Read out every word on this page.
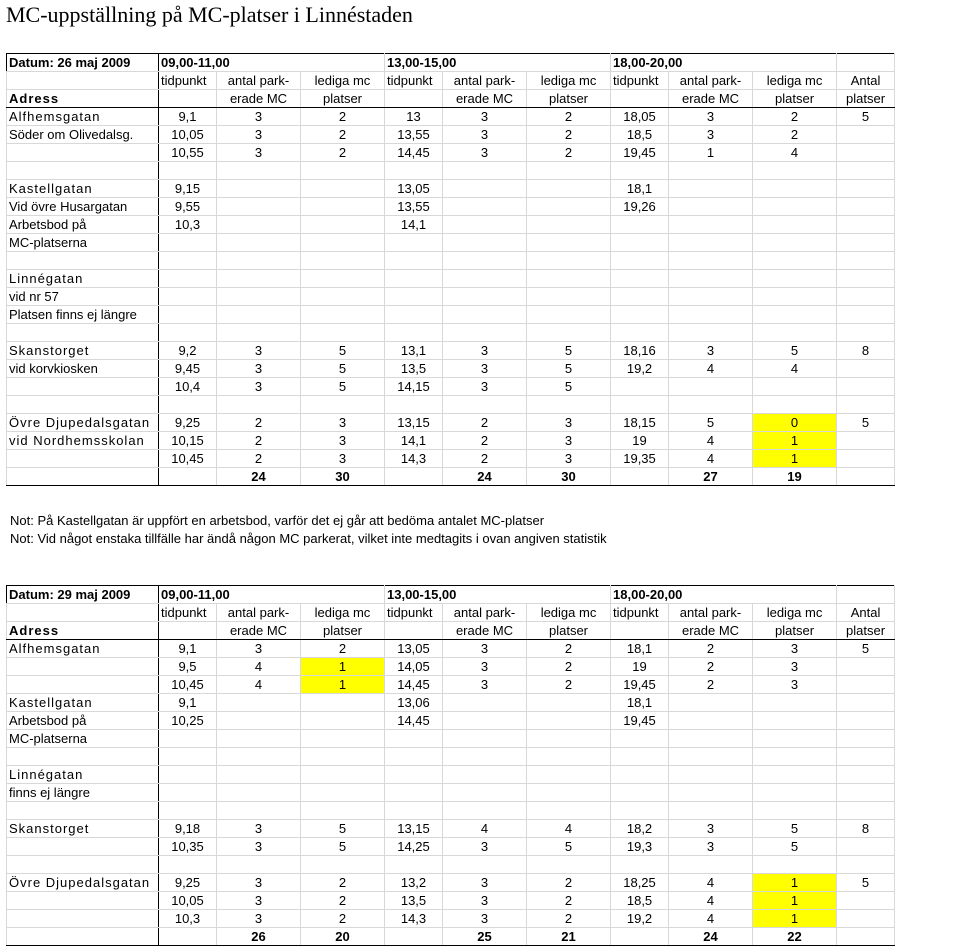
MC-uppställning på MC-platser i Linnéstaden
Datum: 26 maj 2009	09,00-11,00			13,00-15,00			18,00-20,00			
	tidpunkt	antal park-	lediga mc	tidpunkt	antal park-	lediga mc	tidpunkt	antal park-	lediga mc	Antal
Adress		erade MC	platser		erade MC	platser		erade MC	platser	platser
Alfhemsgatan	9,1	3	2	13	3	2	18,05	3	2	5
Söder om Olivedalsg.	10,05	3	2	13,55	3	2	18,5	3	2	
	10,55	3	2	14,45	3	2	19,45	1	4	

Kastellgatan	9,15			13,05			18,1			
Vid övre Husargatan	9,55			13,55			19,26			
Arbetsbod på	10,3			14,1						
MC-platserna										

Linnégatan										
vid nr 57										
Platsen finns ej längre										

Skanstorget	9,2	3	5	13,1	3	5	18,16	3	5	8
vid korvkiosken	9,45	3	5	13,5	3	5	19,2	4	4	
	10,4	3	5	14,15	3	5				

Övre Djupedalsgatan	9,25	2	3	13,15	2	3	18,15	5	0	5
vid Nordhemsskolan	10,15	2	3	14,1	2	3	19	4	1	
	10,45	2	3	14,3	2	3	19,35	4	1	
		24	30		24	30		27	19	
Not: På Kastellgatan är uppfört en arbetsbod, varför det ej går att bedöma antalet MC-platser
Not: Vid något enstaka tillfälle har ändå någon MC parkerat, vilket inte medtagits i ovan angiven statistik
Datum: 29 maj 2009	09,00-11,00			13,00-15,00			18,00-20,00			
	tidpunkt	antal park-	lediga mc	tidpunkt	antal park-	lediga mc	tidpunkt	antal park-	lediga mc	Antal
Adress		erade MC	platser		erade MC	platser		erade MC	platser	platser
Alfhemsgatan	9,1	3	2	13,05	3	2	18,1	2	3	5
	9,5	4	1	14,05	3	2	19	2	3	
	10,45	4	1	14,45	3	2	19,45	2	3	
Kastellgatan	9,1			13,06			18,1			
Arbetsbod på	10,25			14,45			19,45			
MC-platserna										

Linnégatan										
finns ej längre										

Skanstorget	9,18	3	5	13,15	4	4	18,2	3	5	8
	10,35	3	5	14,25	3	5	19,3	3	5	

Övre Djupedalsgatan	9,25	3	2	13,2	3	2	18,25	4	1	5
	10,05	3	2	13,5	3	2	18,5	4	1	
	10,3	3	2	14,3	3	2	19,2	4	1	
		26	20		25	21		24	22	
